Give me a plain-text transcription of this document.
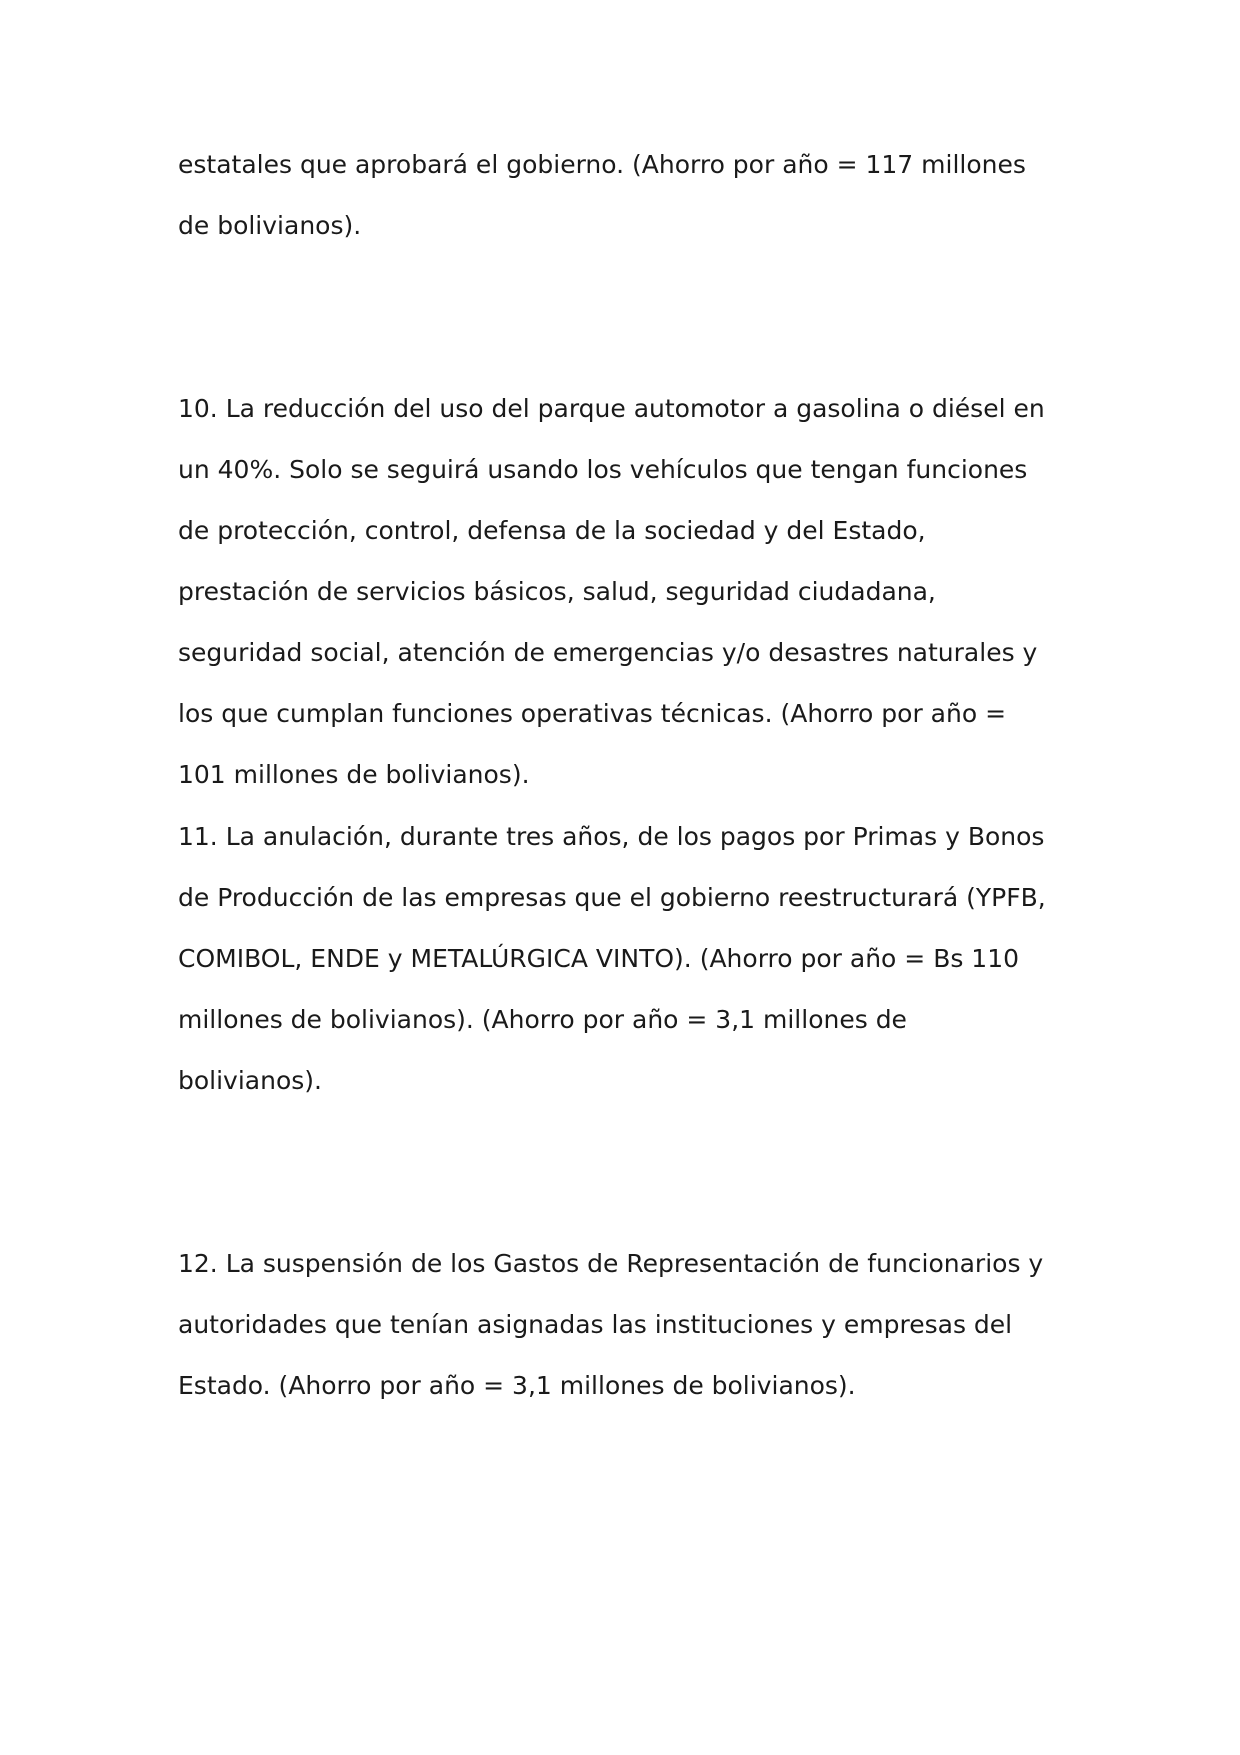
estatales que aprobará el gobierno. (Ahorro por año = 117 millones
de bolivianos).
10. La reducción del uso del parque automotor a gasolina o diésel en
un 40%. Solo se seguirá usando los vehículos que tengan funciones
de protección, control, defensa de la sociedad y del Estado,
prestación de servicios básicos, salud, seguridad ciudadana,
seguridad social, atención de emergencias y/o desastres naturales y
los que cumplan funciones operativas técnicas. (Ahorro por año =
101 millones de bolivianos).
11. La anulación, durante tres años, de los pagos por Primas y Bonos
de Producción de las empresas que el gobierno reestructurará (YPFB,
COMIBOL, ENDE y METALÚRGICA VINTO). (Ahorro por año = Bs 110
millones de bolivianos). (Ahorro por año = 3,1 millones de
bolivianos).
12. La suspensión de los Gastos de Representación de funcionarios y
autoridades que tenían asignadas las instituciones y empresas del
Estado. (Ahorro por año = 3,1 millones de bolivianos).
